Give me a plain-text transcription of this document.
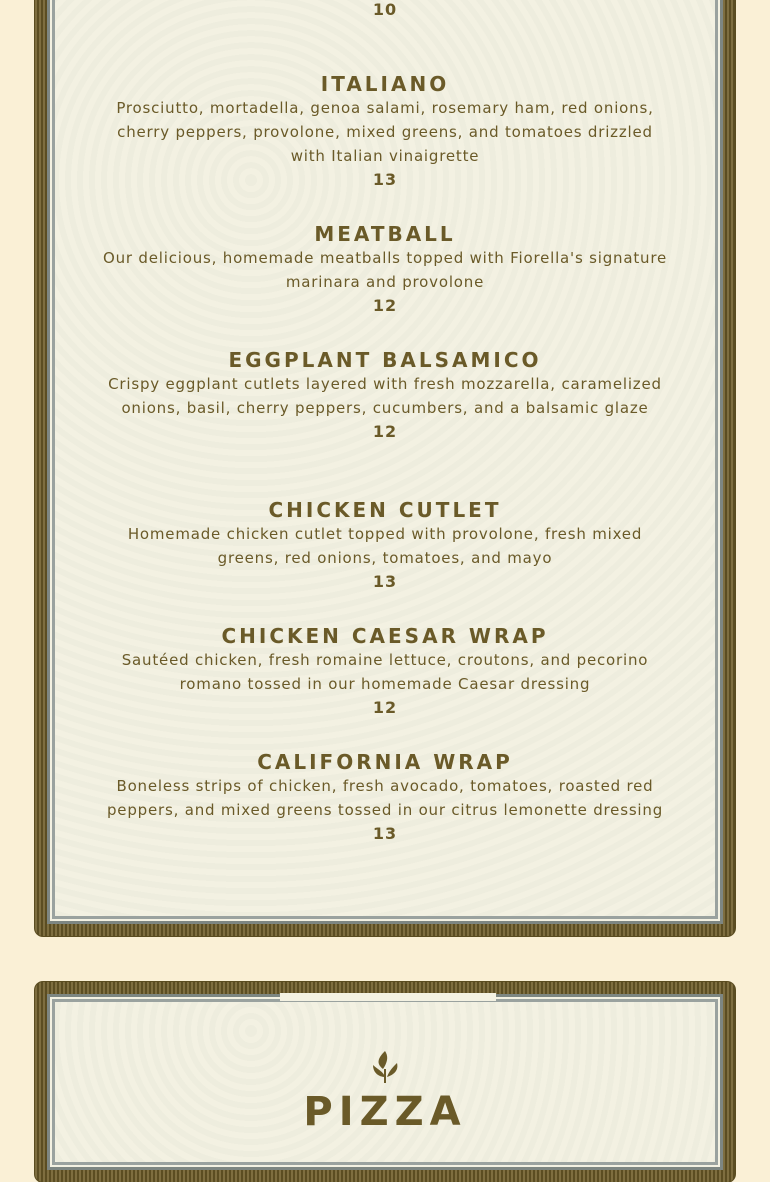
10
ITALIANO
Prosciutto, mortadella, genoa salami, rosemary ham, red onions, cherry peppers, provolone, mixed greens, and tomatoes drizzled with Italian vinaigrette
13
MEATBALL
Our delicious, homemade meatballs topped with Fiorella's signature marinara and provolone
12
EGGPLANT BALSAMICO
Crispy eggplant cutlets layered with fresh mozzarella, caramelized onions, basil, cherry peppers, cucumbers, and a balsamic glaze
12
CHICKEN CUTLET
Homemade chicken cutlet topped with provolone, fresh mixed greens, red onions, tomatoes, and mayo
13
CHICKEN CAESAR WRAP
Sautéed chicken, fresh romaine lettuce, croutons, and pecorino romano tossed in our homemade Caesar dressing
12
CALIFORNIA WRAP
Boneless strips of chicken, fresh avocado, tomatoes, roasted red peppers, and mixed greens tossed in our citrus lemonette dressing
13
PIZZA
